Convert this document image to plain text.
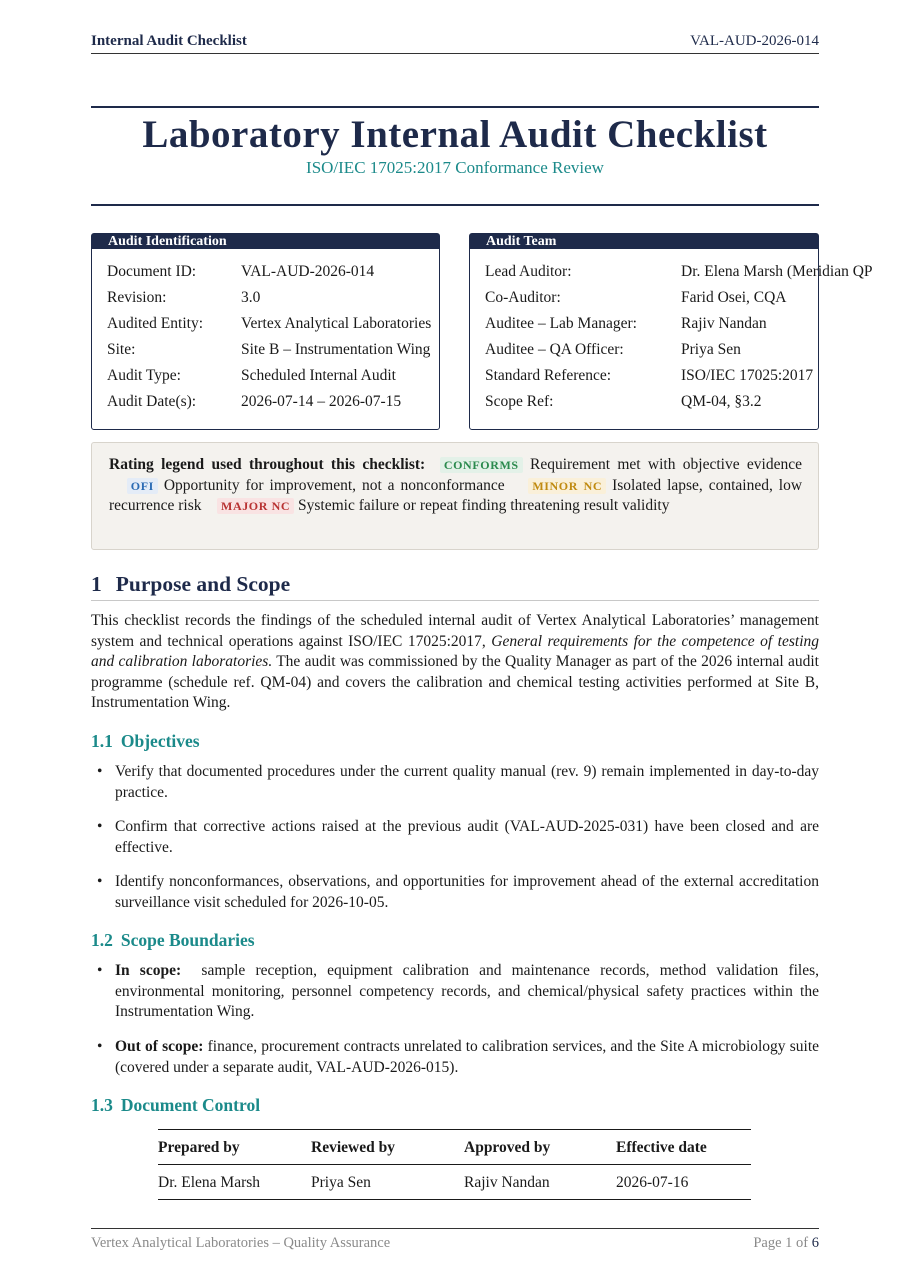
Internal Audit Checklist	VAL-AUD-2026-014
Laboratory Internal Audit Checklist
ISO/IEC 17025:2017 Conformance Review
Audit Identification
Document ID:	VAL-AUD-2026-014
Revision:	3.0
Audited Entity: Vertex Analytical Laboratories
Site:	Site B – Instrumentation Wing
Audit Type:	Scheduled Internal Audit
Audit Date(s):	2026-07-14 – 2026-07-15
Audit Team
Lead Auditor:	Dr. Elena Marsh (Meridian QP
Co-Auditor:	Farid Osei, CQA
Auditee – Lab Manager:	Rajiv Nandan
Auditee – QA Officer:	Priya Sen
Standard Reference:	ISO/IEC 17025:2017
Scope Ref:	QM-04, §3.2
Rating legend used throughout this checklist: CONFORMS Requirement met with objective evidence    OFI Opportunity for improvement, not a nonconformance MINOR NC Isolated lapse, contained, low recurrence risk MAJOR NC Systemic failure or repeat finding threatening result validity
1 Purpose and Scope
This checklist records the findings of the scheduled internal audit of Vertex Analytical Laboratories’ management system and technical operations against ISO/IEC 17025:2017, General requirements for the competence of testing and calibration laboratories. The audit was commissioned by the Quality Manager as part of the 2026 internal audit programme (schedule ref. QM-04) and covers the calibration and chemical testing activities performed at Site B, Instrumentation Wing.
1.1 Objectives
• Verify that documented procedures under the current quality manual (rev. 9) remain implemented in day-to-day practice.
• Confirm that corrective actions raised at the previous audit (VAL-AUD-2025-031) have been closed and are effective.
• Identify nonconformances, observations, and opportunities for improvement ahead of the external accreditation surveillance visit scheduled for 2026-10-05.
1.2 Scope Boundaries
• In scope: sample reception, equipment calibration and maintenance records, method validation files, environmental monitoring, personnel competency records, and chemical/physical safety practices within the Instrumentation Wing.
• Out of scope: finance, procurement contracts unrelated to calibration services, and the Site A microbiology suite (covered under a separate audit, VAL-AUD-2026-015).
1.3 Document Control
Prepared by	Reviewed by	Approved by	Effective date
Dr. Elena Marsh	Priya Sen	Rajiv Nandan	2026-07-16
Vertex Analytical Laboratories – Quality Assurance	Page 1 of 6
